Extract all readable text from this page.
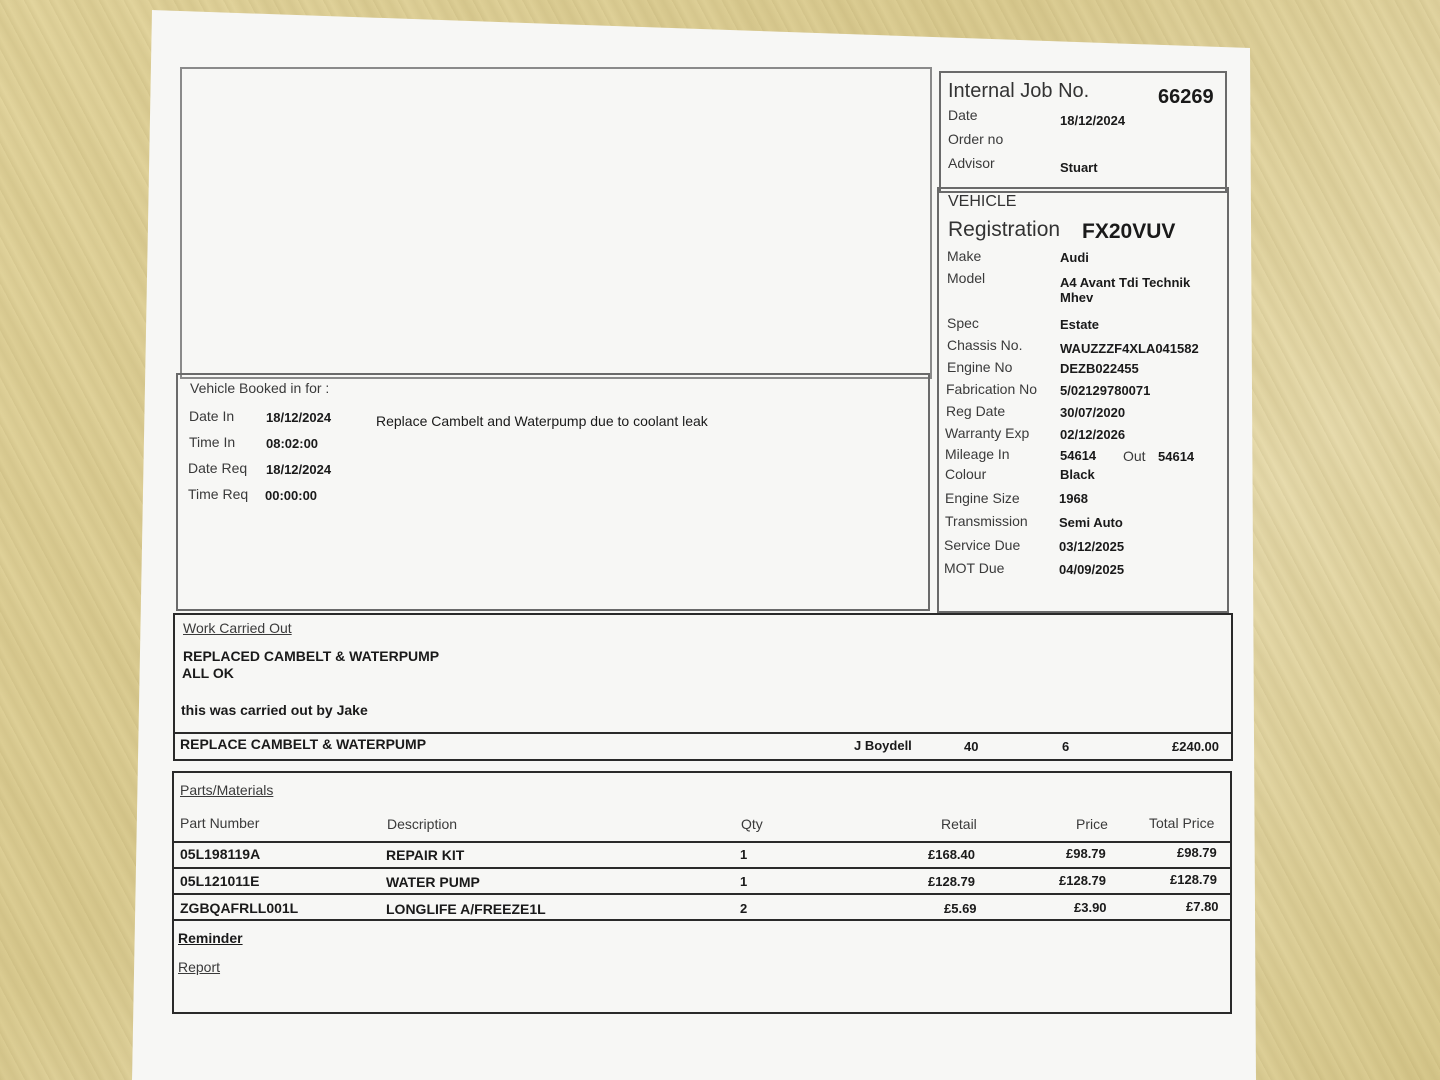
Internal Job No.	66269
Date	18/12/2024
Order no
Advisor	Stuart
VEHICLE
Registration FX20VUV
Make	Audi
Model	A4 Avant Tdi Technik
Mhev
Spec	Estate
Chassis No.	WAUZZZF4XLA041582
Engine No	DEZB022455
Fabrication No 5/02129780071
Reg Date	30/07/2020
Warranty Exp 02/12/2026
Mileage In	54614 Out 54614
Colour	Black
Engine Size	1968
Transmission Semi Auto
Service Due	03/12/2025
MOT Due	04/09/2025
Vehicle Booked in for :
Date In 18/12/2024
Time In 08:02:00
Date Req 18/12/2024
Time Req 00:00:00
Replace Cambelt and Waterpump due to coolant leak
Work Carried Out
REPLACED CAMBELT & WATERPUMP
ALL OK
this was carried out by Jake
REPLACE CAMBELT & WATERPUMP	J Boydell	40	6	£240.00
Parts/Materials
Part Number	Description	Qty	Retail	Price	Total Price
05L198119A	REPAIR KIT	1	£168.40	£98.79	£98.79
05L121011E	WATER PUMP	1	£128.79	£128.79	£128.79
ZGBQAFRLL001L	LONGLIFE A/FREEZE1L	2	£5.69	£3.90	£7.80
Reminder
Report
